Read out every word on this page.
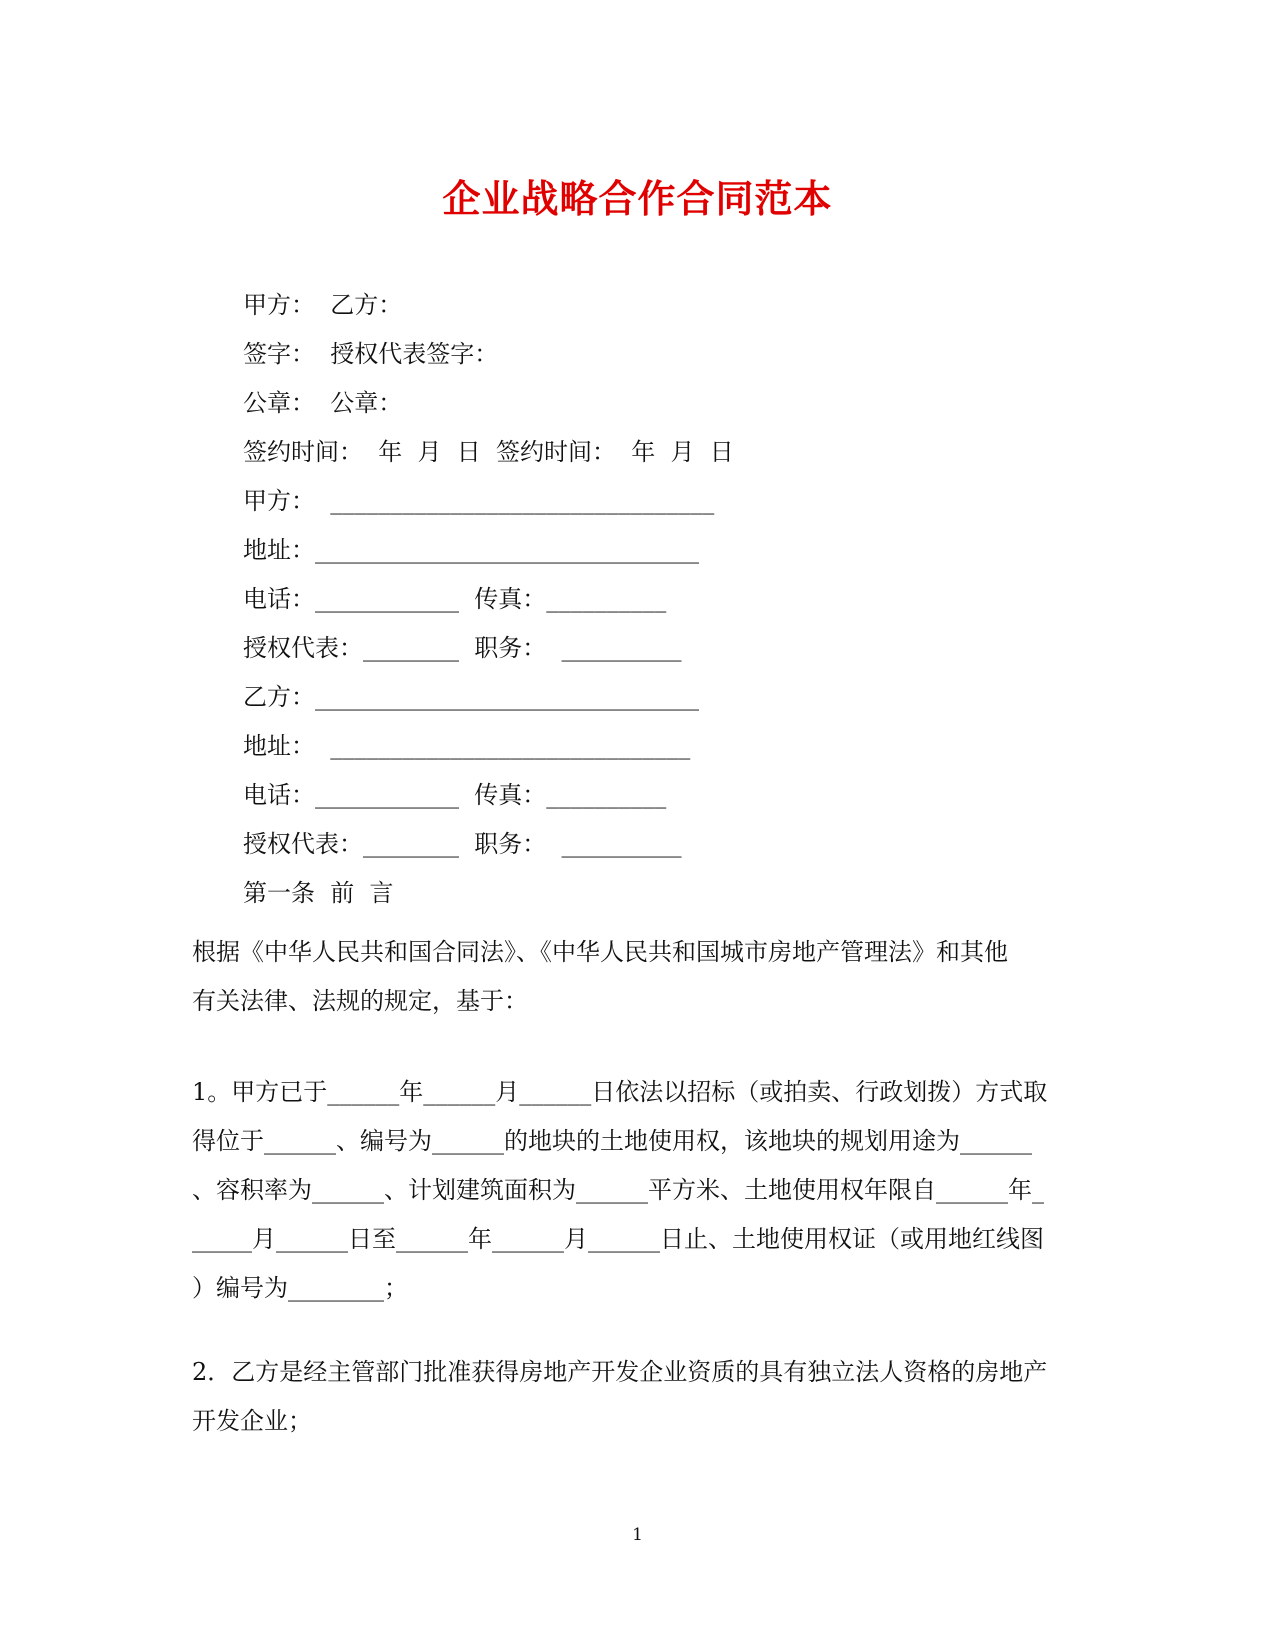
企业战略合作合同范本
甲方：  乙方：
签字：  授权代表签字：
公章：  公章：
签约时间：  年  月  日  签约时间：  年  月  日
甲方：  ________________________________
地址：________________________________
电话：____________  传真：__________
授权代表：________  职务：  __________
乙方：________________________________
地址：  ______________________________
电话：____________  传真：__________
授权代表：________  职务：  __________
第一条  前  言
根据《中华人民共和国合同法》、《中华人民共和国城市房地产管理法》和其他
有关法律、法规的规定，基于：
1。甲方已于______年______月______日依法以招标（或拍卖、行政划拨）方式取
得位于______、编号为______的地块的土地使用权，该地块的规划用途为______
、容积率为______、计划建筑面积为______平方米、土地使用权年限自______年_
_____月______日至______年______月______日止、土地使用权证（或用地红线图
）编号为________；
2．乙方是经主管部门批准获得房地产开发企业资质的具有独立法人资格的房地产
开发企业；
1
